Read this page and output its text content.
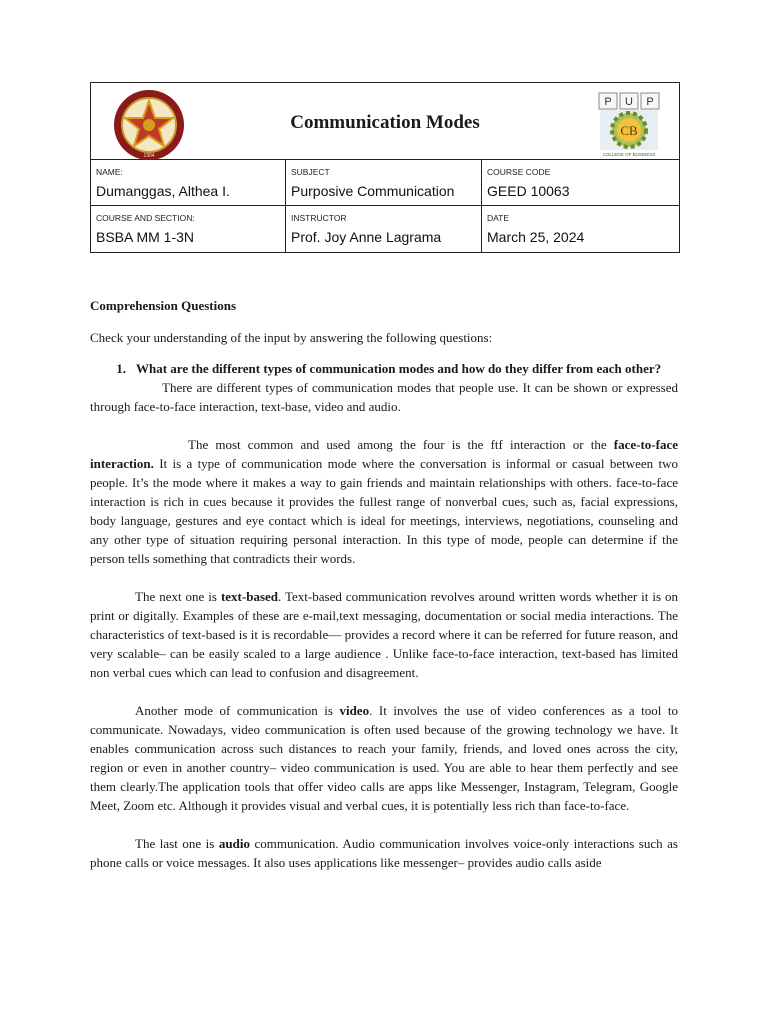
1904
Communication Modes
P U P
CB
COLLEGE OF BUSINESS
NAME:
Dumanggas, Althea I.
SUBJECT
Purposive Communication
COURSE CODE
GEED 10063
COURSE AND SECTION:
BSBA MM 1-3N
INSTRUCTOR
Prof. Joy Anne Lagrama
DATE
March 25, 2024

Comprehension Questions

Check your understanding of the input by answering the following questions:

1. What are the different types of communication modes and how do they differ from each other?

There are different types of communication modes that people use. It can be shown or expressed through face-to-face interaction, text-base, video and audio.

The most common and used among the four is the ftf interaction or the face-to-face interaction. It is a type of communication mode where the conversation is informal or casual between two people. It’s the mode where it makes a way to gain friends and maintain relationships with others. face-to-face interaction is rich in cues because it provides the fullest range of nonverbal cues, such as, facial expressions, body language, gestures and eye contact which is ideal for meetings, interviews, negotiations, counseling and any other type of situation requiring personal interaction. In this type of mode, people can determine if the person tells something that contradicts their words.

The next one is text-based. Text-based communication revolves around written words whether it is on print or digitally. Examples of these are e-mail,text messaging, documentation or social media interactions. The characteristics of text-based is it is recordable— provides a record where it can be referred for future reason, and very scalable– can be easily scaled to a large audience . Unlike face-to-face interaction, text-based has limited non verbal cues which can lead to confusion and disagreement.

Another mode of communication is video. It involves the use of video conferences as a tool to communicate. Nowadays, video communication is often used because of the growing technology we have. It enables communication across such distances to reach your family, friends, and loved ones across the city, region or even in another country– video communication is used. You are able to hear them perfectly and see them clearly.The application tools that offer video calls are apps like Messenger, Instagram, Telegram, Google Meet, Zoom etc. Although it provides visual and verbal cues, it is potentially less rich than face-to-face.

The last one is audio communication. Audio communication involves voice-only interactions such as phone calls or voice messages. It also uses applications like messenger– provides audio calls aside
